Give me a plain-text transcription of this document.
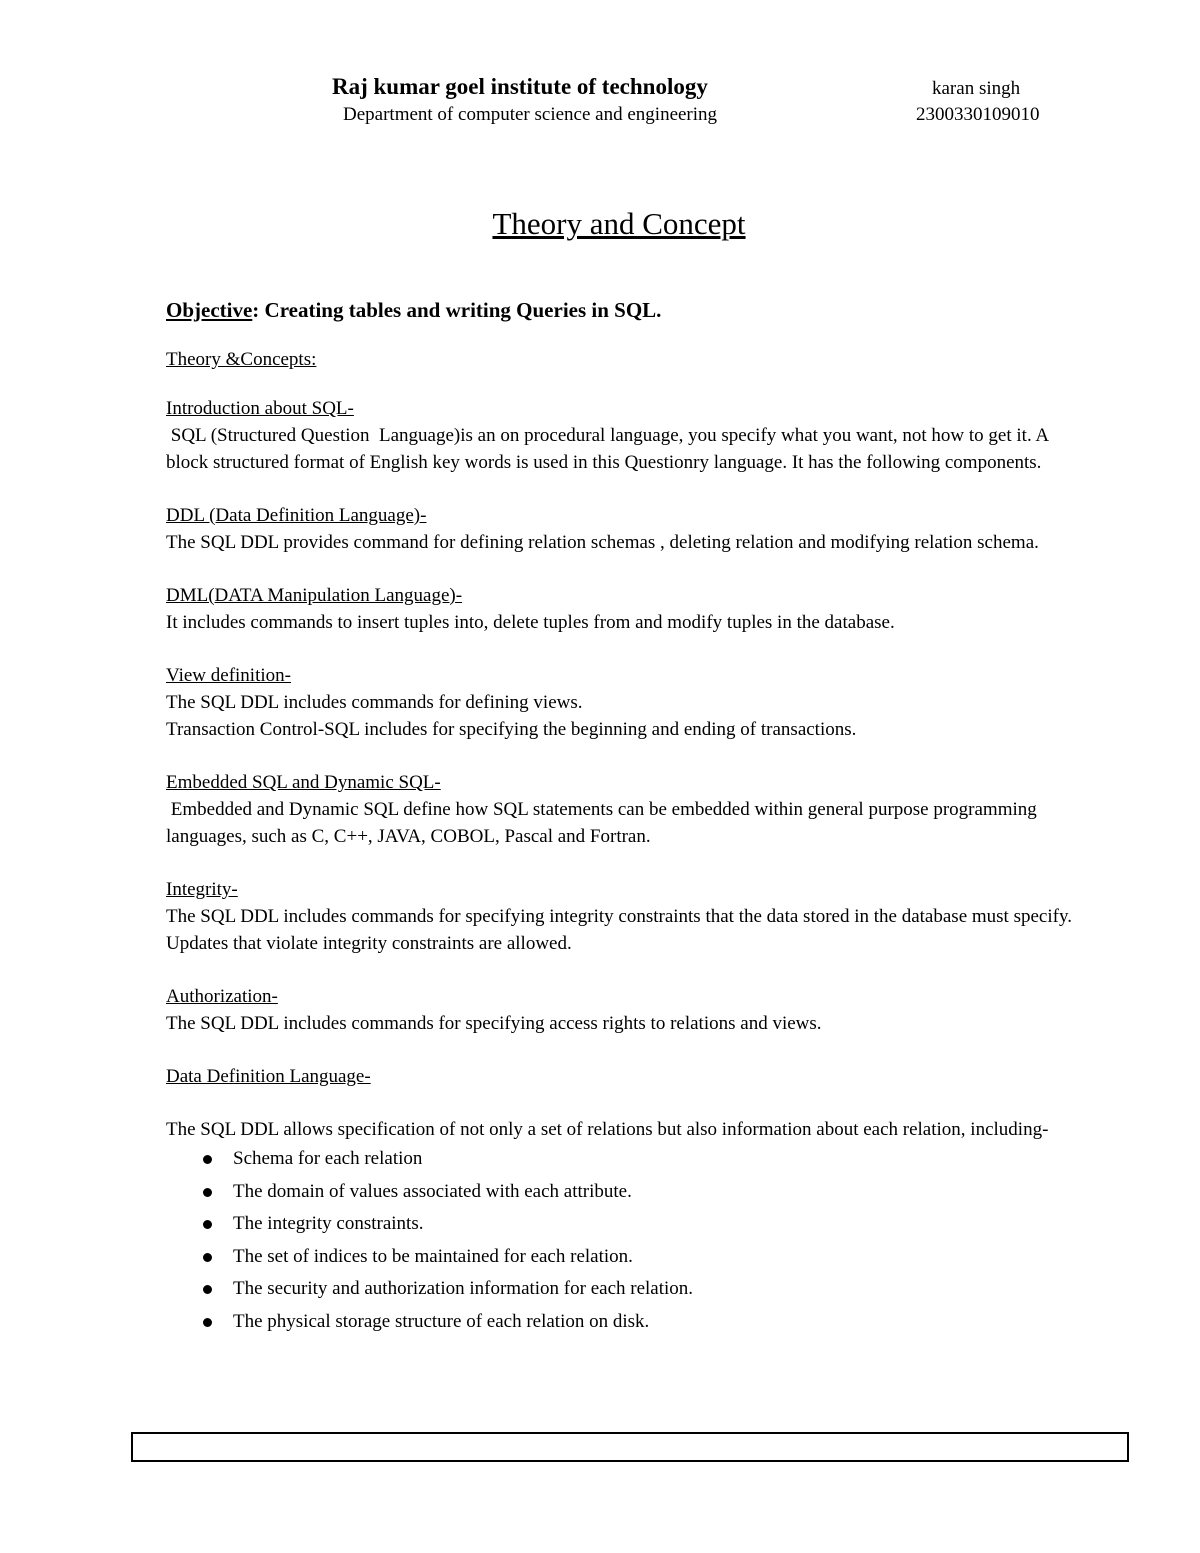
Raj kumar goel institute of technology
Department of computer science and engineering
karan singh
2300330109010
Theory and Concept
Objective: Creating tables and writing Queries in SQL.

Theory &Concepts:

Introduction about SQL-

SQL (Structured Question  Language)is an on procedural language, you specify what you want, not how to get it. A block structured format of English key words is used in this Questionry language. It has the following components.

DDL (Data Definition Language)-

The SQL DDL provides command for defining relation schemas , deleting relation and modifying relation schema.

DML(DATA Manipulation Language)-

It includes commands to insert tuples into, delete tuples from and modify tuples in the database.

View definition-

The SQL DDL includes commands for defining views.

Transaction Control-SQL includes for specifying the beginning and ending of transactions.

Embedded SQL and Dynamic SQL-

Embedded and Dynamic SQL define how SQL statements can be embedded within general purpose programming languages, such as C, C++, JAVA, COBOL, Pascal and Fortran.

Integrity-

The SQL DDL includes commands for specifying integrity constraints that the data stored in the database must specify. Updates that violate integrity constraints are allowed.

Authorization-

The SQL DDL includes commands for specifying access rights to relations and views.

Data Definition Language-

The SQL DDL allows specification of not only a set of relations but also information about each relation, including-

Schema for each relation
The domain of values associated with each attribute.
The integrity constraints.
The set of indices to be maintained for each relation.
The security and authorization information for each relation.
The physical storage structure of each relation on disk.
